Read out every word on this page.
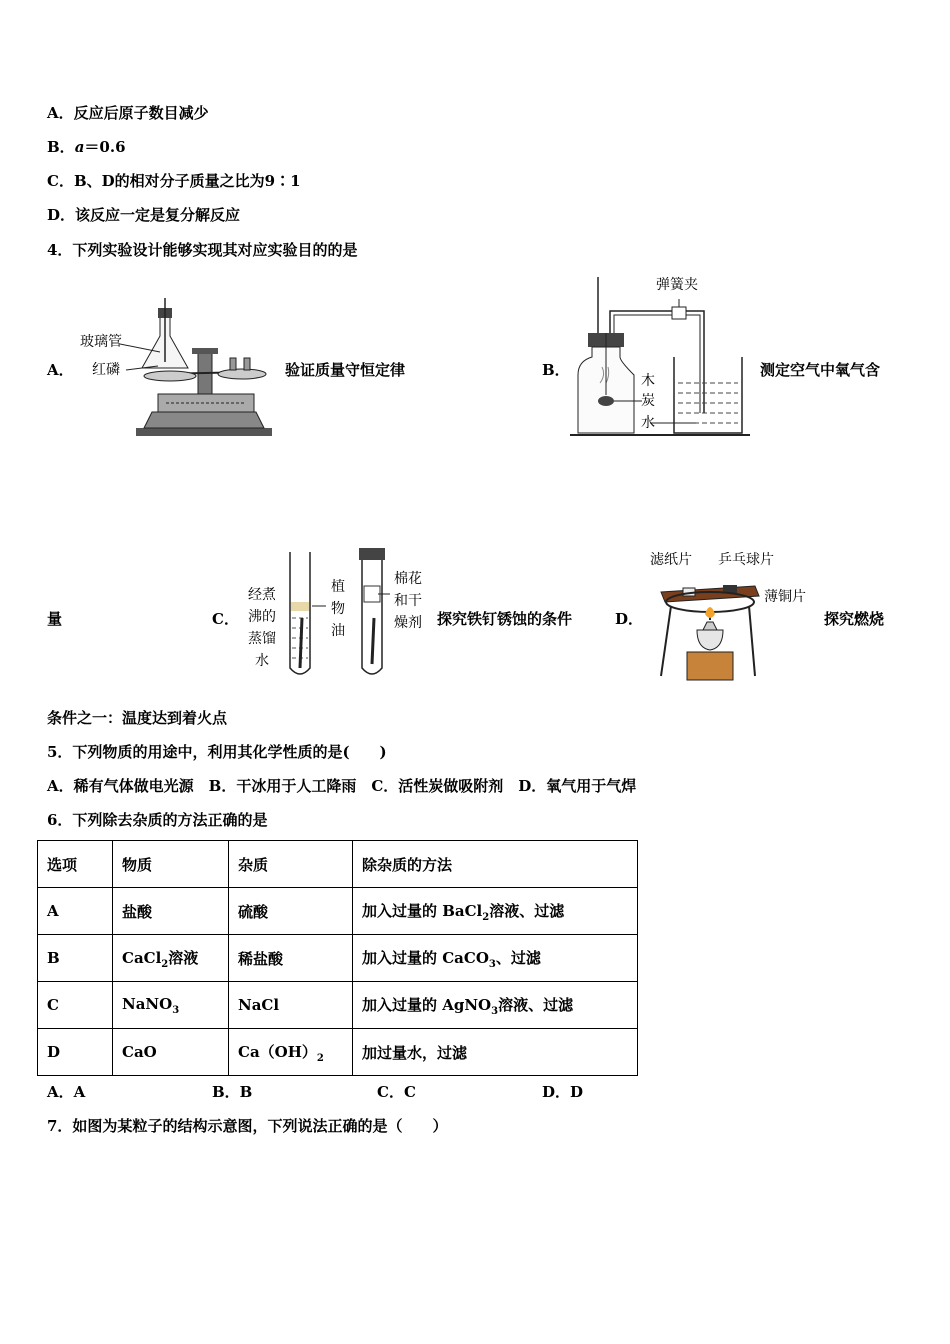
A．反应后原子数目减少
B．a＝0.6
C．B、D的相对分子质量之比为9∶1
D．该反应一定是复分解反应
4．下列实验设计能够实现其对应实验目的的是
A．
玻璃管
红磷	验证质量守恒定律	B．
弹簧夹
木
炭
水
测定空气中氧气含
量	C．
经煮
沸的
蒸馏
水
植
物
油
棉花
和干
燥剂 探究铁钉锈蚀的条件	D．
滤纸片 乒乓球片
薄铜片
探究燃烧
条件之一：温度达到着火点
5．下列物质的用途中，利用其化学性质的是(　　)
A．稀有气体做电光源　B．干冰用于人工降雨　C．活性炭做吸附剂　D．氧气用于气焊
6．下列除去杂质的方法正确的是
选项	物质	杂质	除杂质的方法
A	盐酸	硫酸	加入过量的 BaCl$_2$溶液、过滤
B	CaCl$_2$溶液	稀盐酸	加入过量的 CaCO$_3$、过滤
C	NaNO$_3$	NaCl	加入过量的 AgNO$_3$溶液、过滤
D	CaO	$Ca(OH)_2$	加过量水，过滤
A．A	B．B	C．C	D．D
7．如图为某粒子的结构示意图，下列说法正确的是（　　）
